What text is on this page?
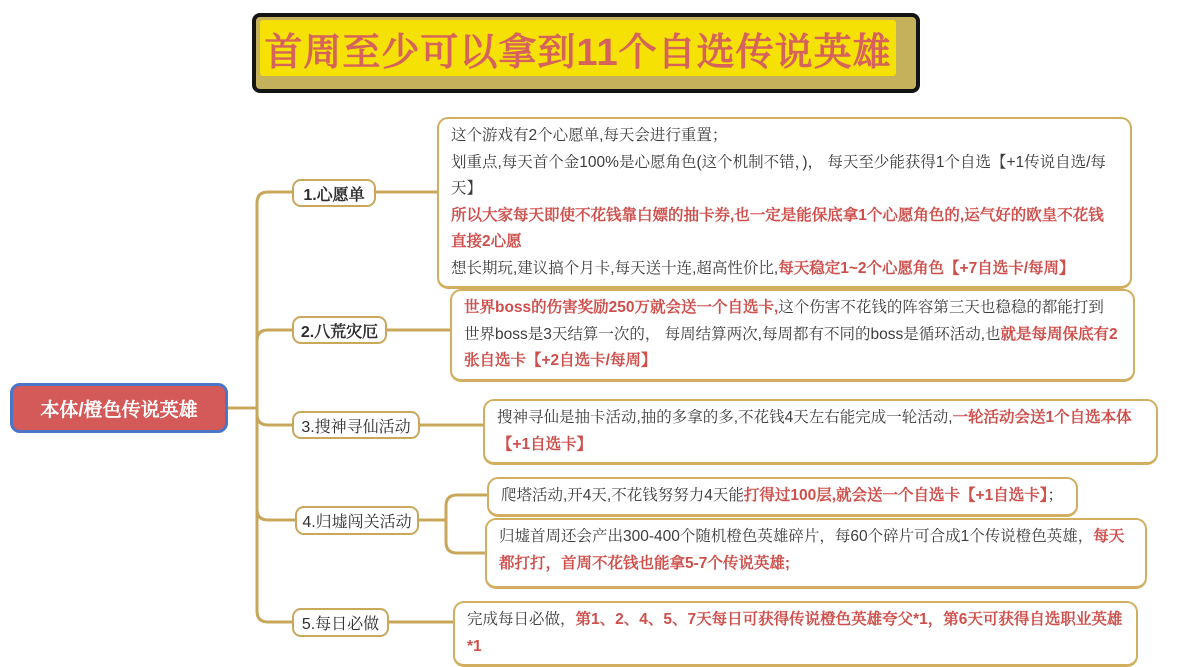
首周至少可以拿到11个自选传说英雄
本体/橙色传说英雄
1.心愿单
2.八荒灾厄
3.搜神寻仙活动
4.归墟闯关活动
5.每日必做
这个游戏有2个心愿单,每天会进行重置；
划重点,每天首个金100%是心愿角色(这个机制不错，)， 每天至少能获得1个自选【+1传说自选/每天】
所以大家每天即使不花钱靠白嫖的抽卡券,也一定是能保底拿1个心愿角色的,运气好的欧皇不花钱直接2心愿
想长期玩,建议搞个月卡,每天送十连,超高性价比,每天稳定1~2个心愿角色【+7自选卡/每周】
世界boss的伤害奖励250万就会送一个自选卡,这个伤害不花钱的阵容第三天也稳稳的都能打到
世界boss是3天结算一次的， 每周结算两次,每周都有不同的boss是循环活动,也就是每周保底有2张自选卡【+2自选卡/每周】
搜神寻仙是抽卡活动,抽的多拿的多,不花钱4天左右能完成一轮活动,一轮活动会送1个自选本体【+1自选卡】
爬塔活动,开4天,不花钱努努力4天能打得过100层,就会送一个自选卡【+1自选卡】；
归墟首周还会产出300-400个随机橙色英雄碎片，每60个碎片可合成1个传说橙色英雄，每天都打打，首周不花钱也能拿5-7个传说英雄;
完成每日必做，第1、2、4、5、7天每日可获得传说橙色英雄夸父*1，第6天可获得自选职业英雄*1
